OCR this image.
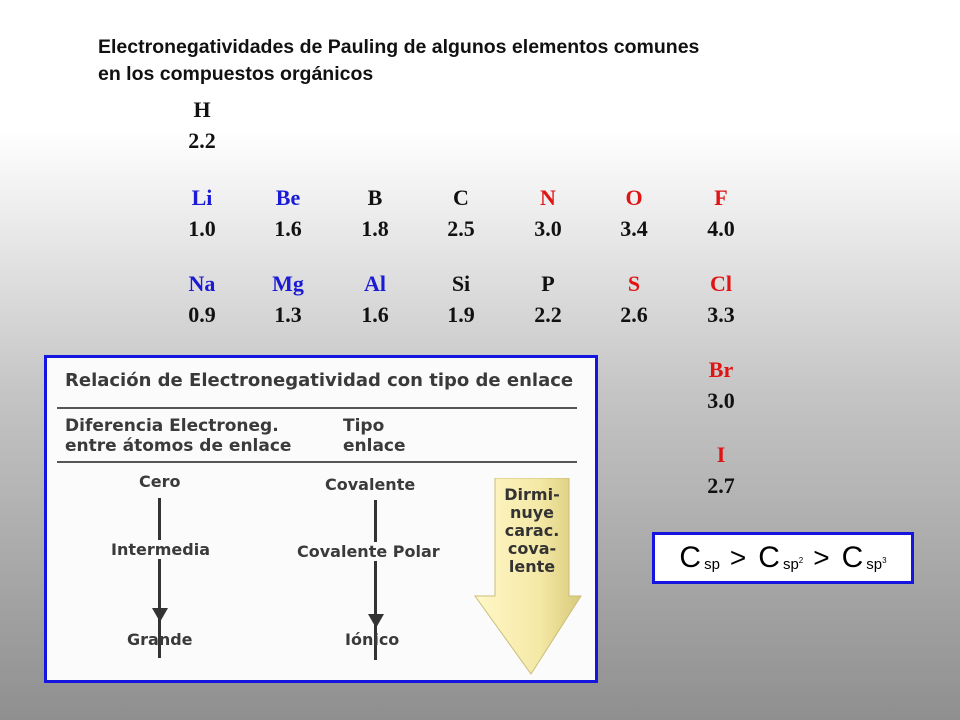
Electronegatividades de Pauling de algunos elementos comunes
en los compuestos orgánicos
H
2.2
Li
1.0
Be
1.6
B
1.8
C
2.5
N
3.0
O
3.4
F
4.0
Na
0.9
Mg
1.3
Al
1.6
Si
1.9
P
2.2
S
2.6
Cl
3.3
Br
3.0
I
2.7
Relación de Electronegatividad con tipo de enlace
Diferencia Electroneg.
entre átomos de enlace
Tipo
enlace
Cero
Intermedia
Grande
Covalente
Covalente Polar
Iónico
Dirmi-
nuye
carac.
cova-
lente	C sp > C $sp^2 > C$ $sp^3$
